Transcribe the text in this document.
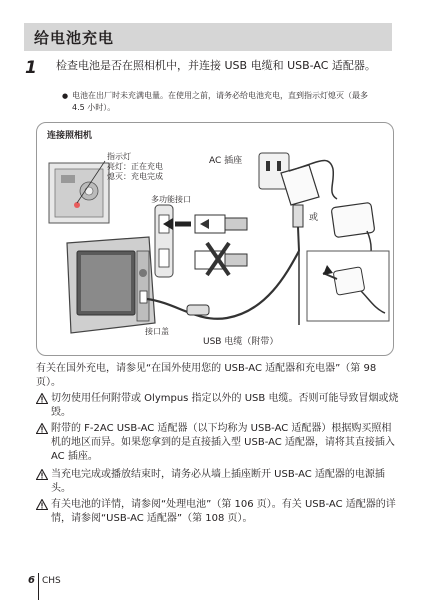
给电池充电
1 检查电池是否在照相机中，并连接 USB 电缆和 USB-AC 适配器。
● 电池在出厂时未充满电量。在使用之前，请务必给电池充电，直到指示灯熄灭（最多 4.5 小时）。
连接照相机
指示灯
亮灯：正在充电
熄灭：充电完成
AC 插座
多功能接口
或
接口盖
USB 电缆（附带）
有关在国外充电，请参见“在国外使用您的 USB-AC 适配器和充电器”（第 98 页）。
切勿使用任何附带或 Olympus 指定以外的 USB 电缆。否则可能导致冒烟或烧毁。
附带的 F-2AC USB-AC 适配器（以下均称为 USB-AC 适配器）根据购买照相机的地区而异。如果您拿到的是直接插入型 USB-AC 适配器，请将其直接插入 AC 插座。
当充电完成或播放结束时，请务必从墙上插座断开 USB-AC 适配器的电源插头。
有关电池的详情，请参阅“处理电池”（第 106 页）。有关 USB-AC 适配器的详情，请参阅“USB-AC 适配器”（第 108 页）。
6 CHS
